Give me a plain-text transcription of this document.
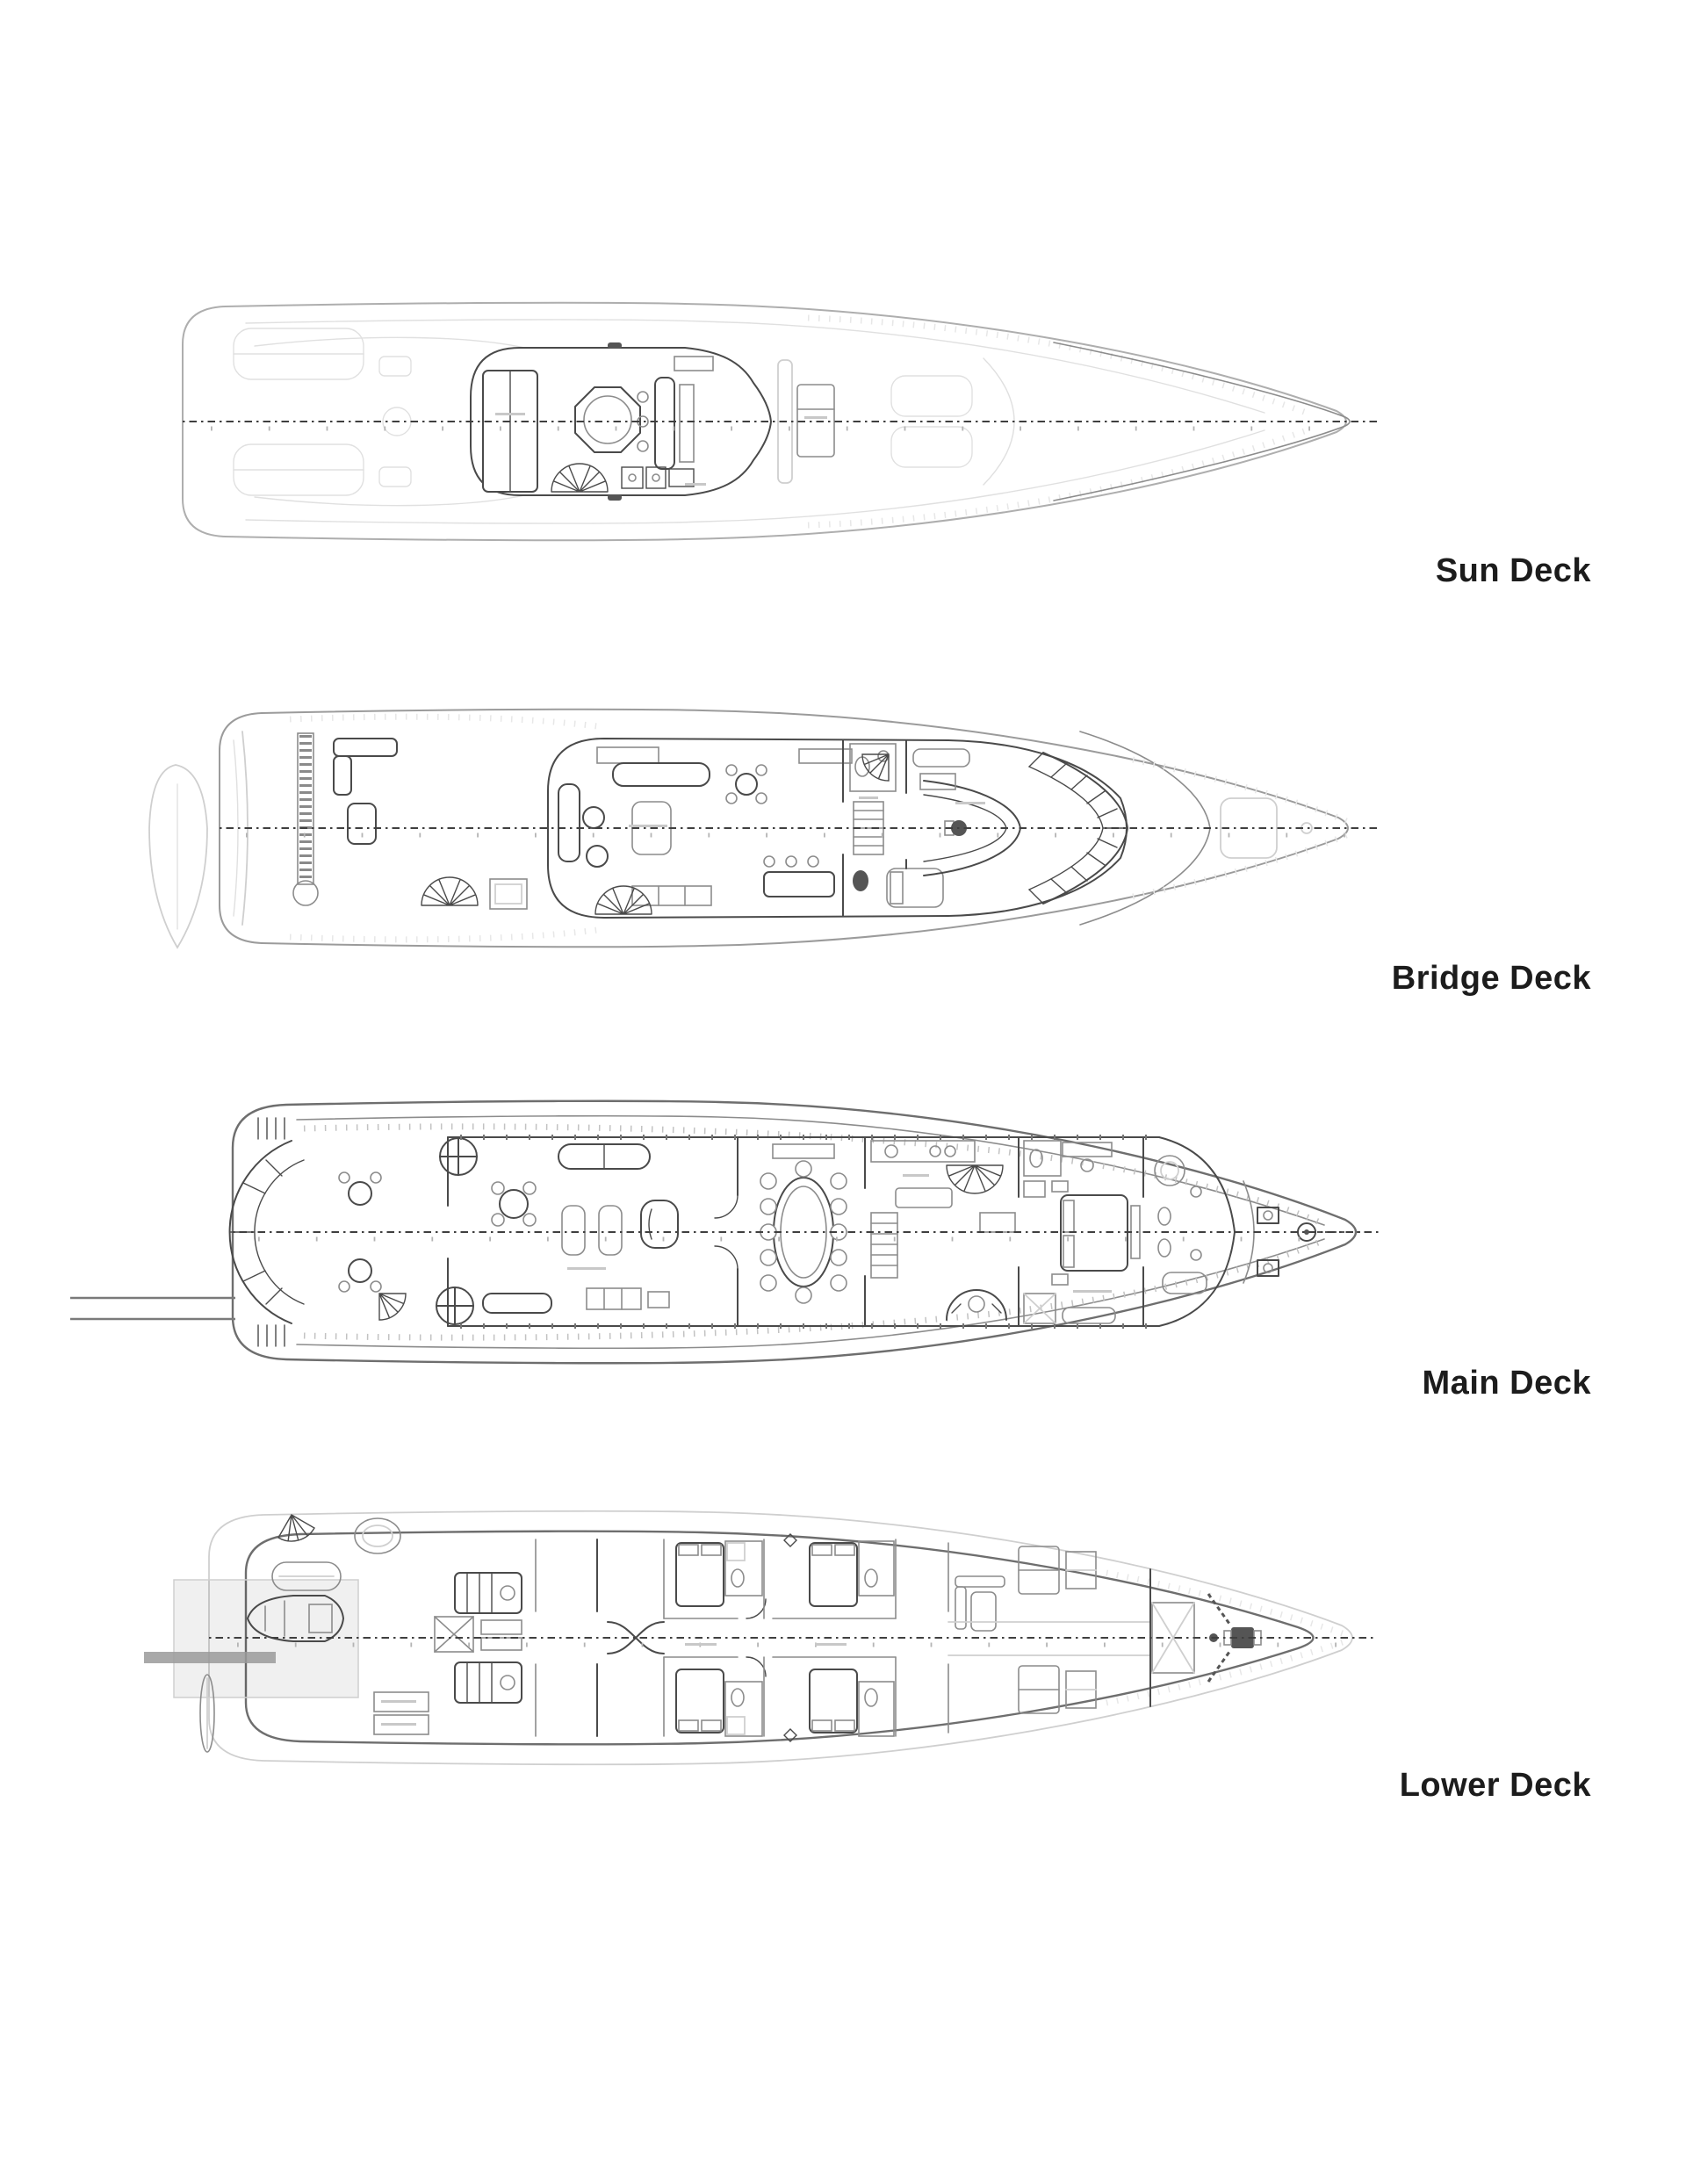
Sun Deck
Bridge Deck
Main Deck
Lower Deck
